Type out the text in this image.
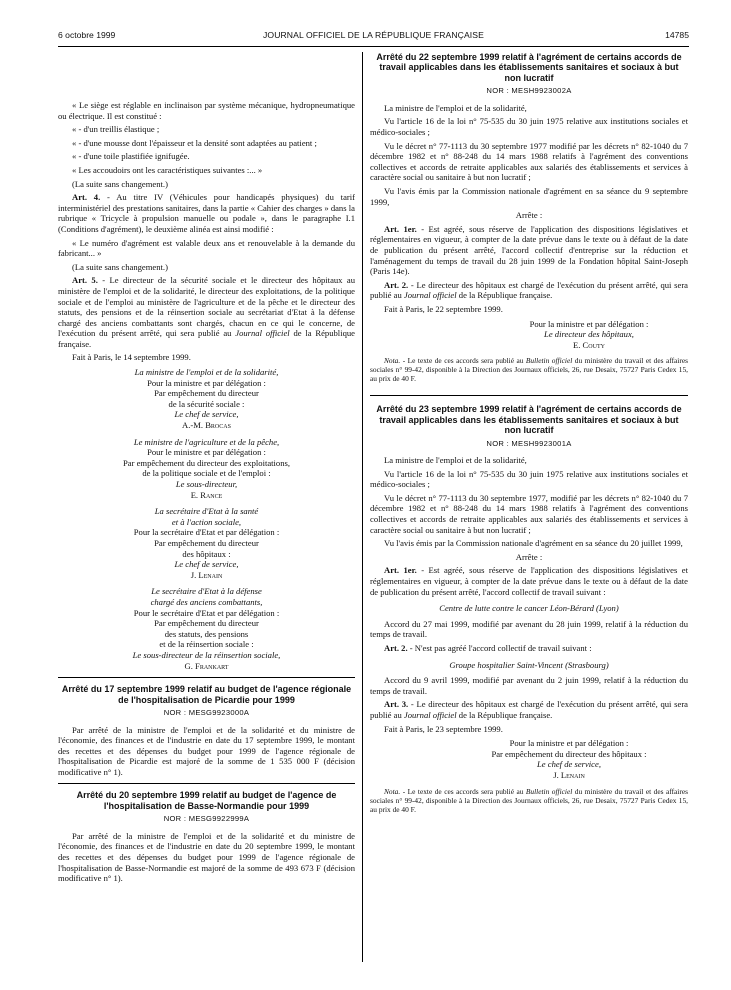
6 octobre 1999	JOURNAL OFFICIEL DE LA RÉPUBLIQUE FRANÇAISE	14785

« Le siège est réglable en inclinaison par système mécanique, hydropneumatique ou électrique. Il est constitué :

« - d'un treillis élastique ;

« - d'une mousse dont l'épaisseur et la densité sont adaptées au patient ;

« - d'une toile plastifiée ignifugée.

« Les accoudoirs ont les caractéristiques suivantes :... »

(La suite sans changement.)

Art. 4. - Au titre IV (Véhicules pour handicapés physiques) du tarif interministériel des prestations sanitaires, dans la partie « Cahier des charges » dans la rubrique « Tricycle à propulsion manuelle ou podale », dans le paragraphe I.1 (Conditions d'agrément), le deuxième alinéa est ainsi modifié :

« Le numéro d'agrément est valable deux ans et renouvelable à la demande du fabricant... »

(La suite sans changement.)

Art. 5. - Le directeur de la sécurité sociale et le directeur des hôpitaux au ministère de l'emploi et de la solidarité, le directeur des exploitations, de la politique sociale et de l'emploi au ministère de l'agriculture et de la pêche et le directeur des statuts, des pensions et de la réinsertion sociale au secrétariat d'Etat à la défense chargé des anciens combattants sont chargés, chacun en ce qui le concerne, de l'exécution du présent arrêté, qui sera publié au Journal officiel de la République française.

Fait à Paris, le 14 septembre 1999.

La ministre de l'emploi et de la solidarité,

Pour la ministre et par délégation :

Par empêchement du directeur

de la sécurité sociale :

Le chef de service,

A.-M. Brocas

Le ministre de l'agriculture et de la pêche,

Pour le ministre et par délégation :

Par empêchement du directeur des exploitations,

de la politique sociale et de l'emploi :

Le sous-directeur,

E. Rance

La secrétaire d'Etat à la santé

et à l'action sociale,

Pour la secrétaire d'Etat et par délégation :

Par empêchement du directeur

des hôpitaux :

Le chef de service,

J. Lenain

Le secrétaire d'Etat à la défense

chargé des anciens combattants,

Pour le secrétaire d'Etat et par délégation :

Par empêchement du directeur

des statuts, des pensions

et de la réinsertion sociale :

Le sous-directeur de la réinsertion sociale,

G. Frankart

Arrêté du 17 septembre 1999 relatif au budget de l'agence régionale de l'hospitalisation de Picardie pour 1999

NOR : MESG9923000A

Par arrêté de la ministre de l'emploi et de la solidarité et du ministre de l'économie, des finances et de l'industrie en date du 17 septembre 1999, le montant des recettes et des dépenses du budget pour 1999 de l'agence régionale de l'hospitalisation de Picardie est majoré de la somme de 1 535 000 F (décision modificative n° 1).

Arrêté du 20 septembre 1999 relatif au budget de l'agence de l'hospitalisation de Basse-Normandie pour 1999

NOR : MESG9922999A

Par arrêté de la ministre de l'emploi et de la solidarité et du ministre de l'économie, des finances et de l'industrie en date du 20 septembre 1999, le montant des recettes et des dépenses du budget pour 1999 de l'agence régionale de l'hospitalisation de Basse-Normandie est majoré de la somme de 493 673 F (décision modificative n° 1).

Arrêté du 22 septembre 1999 relatif à l'agrément de certains accords de travail applicables dans les établissements sanitaires et sociaux à but non lucratif

NOR : MESH9923002A

La ministre de l'emploi et de la solidarité,

Vu l'article 16 de la loi n° 75-535 du 30 juin 1975 relative aux institutions sociales et médico-sociales ;

Vu le décret n° 77-1113 du 30 septembre 1977 modifié par les décrets n° 82-1040 du 7 décembre 1982 et n° 88-248 du 14 mars 1988 relatifs à l'agrément des conventions collectives et accords de retraite applicables aux salariés des établissements et services à caractère social ou sanitaire à but non lucratif ;

Vu l'avis émis par la Commission nationale d'agrément en sa séance du 9 septembre 1999,

Arrête :

Art. 1er. - Est agréé, sous réserve de l'application des dispositions législatives et réglementaires en vigueur, à compter de la date prévue dans le texte ou à défaut de la date de publication du présent arrêté, l'accord collectif d'entreprise sur la réduction et l'aménagement du temps de travail du 28 juin 1999 de la Fondation hôpital Saint-Joseph (Paris 14e).

Art. 2. - Le directeur des hôpitaux est chargé de l'exécution du présent arrêté, qui sera publié au Journal officiel de la République française.

Fait à Paris, le 22 septembre 1999.

Pour la ministre et par délégation :

Le directeur des hôpitaux,

E. Couty

Nota. - Le texte de ces accords sera publié au Bulletin officiel du ministère du travail et des affaires sociales n° 99-42, disponible à la Direction des Journaux officiels, 26, rue Desaix, 75727 Paris Cedex 15, au prix de 40 F.

Arrêté du 23 septembre 1999 relatif à l'agrément de certains accords de travail applicables dans les établissements sanitaires et sociaux à but non lucratif

NOR : MESH9923001A

La ministre de l'emploi et de la solidarité,

Vu l'article 16 de la loi n° 75-535 du 30 juin 1975 relative aux institutions sociales et médico-sociales ;

Vu le décret n° 77-1113 du 30 septembre 1977, modifié par les décrets n° 82-1040 du 7 décembre 1982 et n° 88-248 du 14 mars 1988 relatifs à l'agrément des conventions collectives et accords de retraite applicables aux salariés des établissements et services à caractère social ou sanitaire à but non lucratif ;

Vu l'avis émis par la Commission nationale d'agrément en sa séance du 20 juillet 1999,

Arrête :

Art. 1er. - Est agréé, sous réserve de l'application des dispositions législatives et réglementaires en vigueur, à compter de la date prévue dans le texte ou à défaut de la date de publication du présent arrêté, l'accord collectif de travail suivant :

Centre de lutte contre le cancer Léon-Bérard (Lyon)

Accord du 27 mai 1999, modifié par avenant du 28 juin 1999, relatif à la réduction du temps de travail.

Art. 2. - N'est pas agréé l'accord collectif de travail suivant :

Groupe hospitalier Saint-Vincent (Strasbourg)

Accord du 9 avril 1999, modifié par avenant du 2 juin 1999, relatif à la réduction du temps de travail.

Art. 3. - Le directeur des hôpitaux est chargé de l'exécution du présent arrêté, qui sera publié au Journal officiel de la République française.

Fait à Paris, le 23 septembre 1999.

Pour la ministre et par délégation :

Par empêchement du directeur des hôpitaux :

Le chef de service,

J. Lenain

Nota. - Le texte de ces accords sera publié au Bulletin officiel du ministère du travail et des affaires sociales n° 99-42, disponible à la Direction des Journaux officiels, 26, rue Desaix, 75727 Paris Cedex 15, au prix de 40 F.
